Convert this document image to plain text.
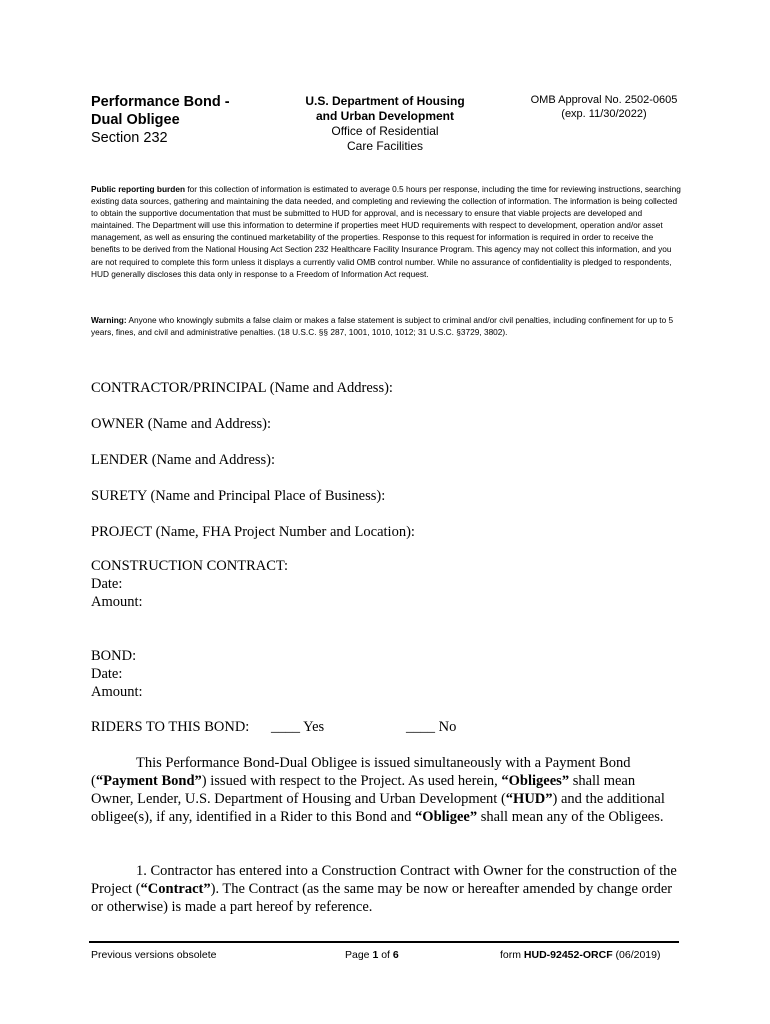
Performance Bond -
Dual Obligee
Section 232
U.S. Department of Housing
and Urban Development
Office of Residential
Care Facilities
OMB Approval No. 2502-0605
(exp. 11/30/2022)
Public reporting burden for this collection of information is estimated to average 0.5 hours per response, including the time for reviewing instructions, searching existing data sources, gathering and maintaining the data needed, and completing and reviewing the collection of information. The information is being collected to obtain the supportive documentation that must be submitted to HUD for approval, and is necessary to ensure that viable projects are developed and maintained. The Department will use this information to determine if properties meet HUD requirements with respect to development, operation and/or asset management, as well as ensuring the continued marketability of the properties. Response to this request for information is required in order to receive the benefits to be derived from the National Housing Act Section 232 Healthcare Facility Insurance Program. This agency may not collect this information, and you are not required to complete this form unless it displays a currently valid OMB control number. While no assurance of confidentiality is pledged to respondents, HUD generally discloses this data only in response to a Freedom of Information Act request.
Warning: Anyone who knowingly submits a false claim or makes a false statement is subject to criminal and/or civil penalties, including confinement for up to 5 years, fines, and civil and administrative penalties. (18 U.S.C. §§ 287, 1001, 1010, 1012; 31 U.S.C. §3729, 3802).
CONTRACTOR/PRINCIPAL (Name and Address):
OWNER (Name and Address):
LENDER (Name and Address):
SURETY (Name and Principal Place of Business):
PROJECT (Name, FHA Project Number and Location):
CONSTRUCTION CONTRACT:
Date:
Amount:
BOND:
Date:
Amount:
RIDERS TO THIS BOND: ____ Yes	____ No
This Performance Bond-Dual Obligee is issued simultaneously with a Payment Bond (“Payment Bond”) issued with respect to the Project. As used herein, “Obligees” shall mean Owner, Lender, U.S. Department of Housing and Urban Development (“HUD”) and the additional obligee(s), if any, identified in a Rider to this Bond and “Obligee” shall mean any of the Obligees.
1. Contractor has entered into a Construction Contract with Owner for the construction of the Project (“Contract”). The Contract (as the same may be now or hereafter amended by change order or otherwise) is made a part hereof by reference.
Previous versions obsolete	Page 1 of 6	form HUD-92452-ORCF (06/2019)
